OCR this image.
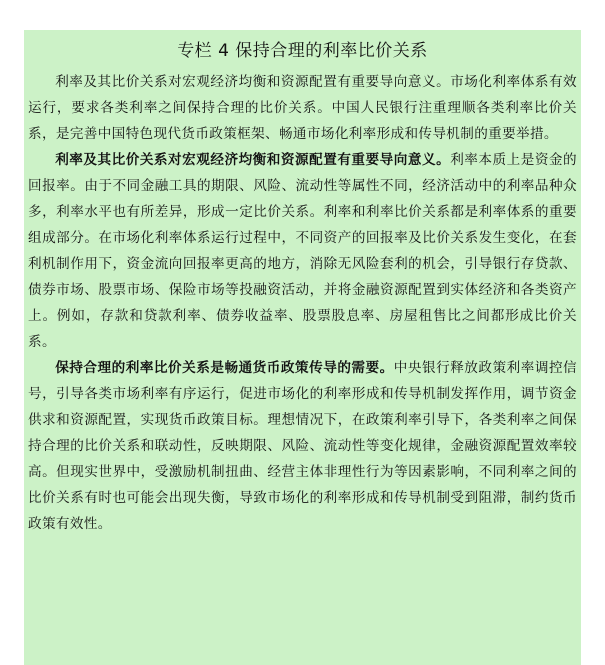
专栏 4 保持合理的利率比价关系

利率及其比价关系对宏观经济均衡和资源配置有重要导向意义。市场化利率体系有效运行，要求各类利率之间保持合理的比价关系。中国人民银行注重理顺各类利率比价关系，是完善中国特色现代货币政策框架、畅通市场化利率形成和传导机制的重要举措。

利率及其比价关系对宏观经济均衡和资源配置有重要导向意义。利率本质上是资金的回报率。由于不同金融工具的期限、风险、流动性等属性不同，经济活动中的利率品种众多，利率水平也有所差异，形成一定比价关系。利率和利率比价关系都是利率体系的重要组成部分。在市场化利率体系运行过程中，不同资产的回报率及比价关系发生变化，在套利机制作用下，资金流向回报率更高的地方，消除无风险套利的机会，引导银行存贷款、债券市场、股票市场、保险市场等投融资活动，并将金融资源配置到实体经济和各类资产上。例如，存款和贷款利率、债券收益率、股票股息率、房屋租售比之间都形成比价关系。

保持合理的利率比价关系是畅通货币政策传导的需要。中央银行释放政策利率调控信号，引导各类市场利率有序运行，促进市场化的利率形成和传导机制发挥作用，调节资金供求和资源配置，实现货币政策目标。理想情况下，在政策利率引导下，各类利率之间保持合理的比价关系和联动性，反映期限、风险、流动性等变化规律，金融资源配置效率较高。但现实世界中，受激励机制扭曲、经营主体非理性行为等因素影响，不同利率之间的比价关系有时也可能会出现失衡，导致市场化的利率形成和传导机制受到阻滞，制约货币政策有效性。
